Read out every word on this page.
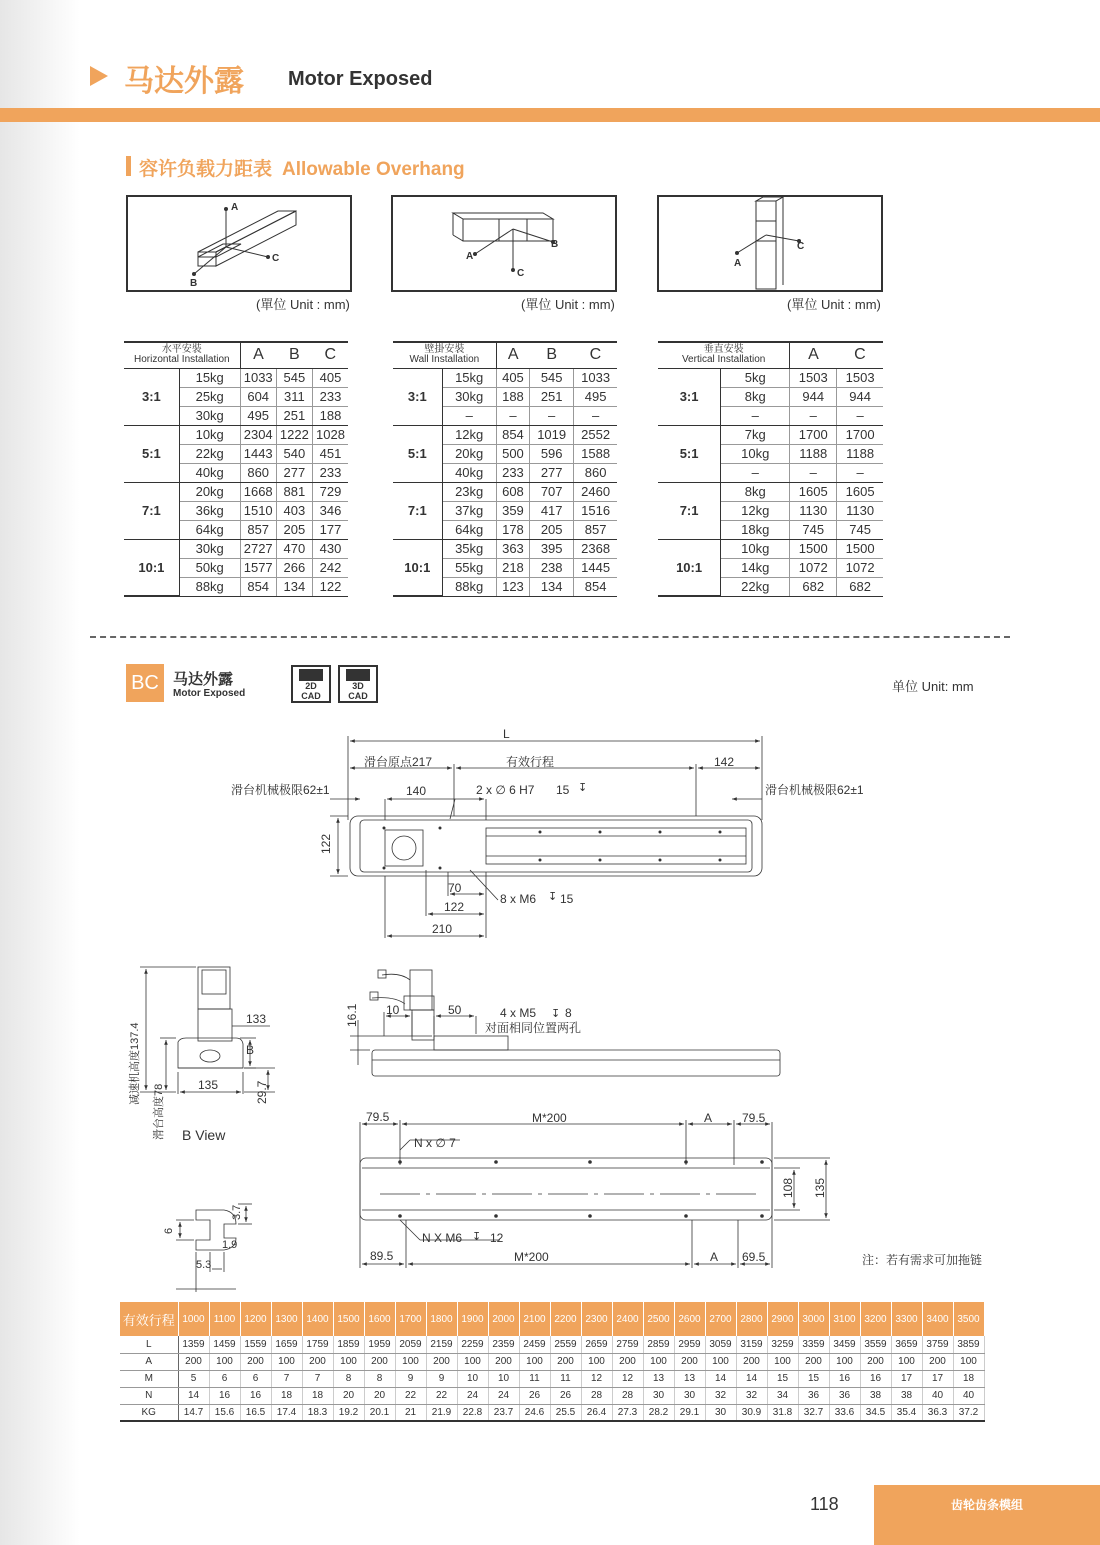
马达外露 Motor Exposed
容许负载力距表 Allowable Overhang
A
C
B
(單位 Unit : mm)
B
A
C
(單位 Unit : mm)
C
A
(單位 Unit : mm)
水平安裝
Horizontal Installation		A	B	C
3:1	15kg	1033	545	405
	25kg	604	311	233
	30kg	495	251	188
5:1	10kg	2304	1222	1028
	22kg	1443	540	451
	40kg	860	277	233
7:1	20kg	1668	881	729
	36kg	1510	403	346
	64kg	857	205	177
10:1	30kg	2727	470	430
	50kg	1577	266	242
	88kg	854	134	122
壁掛安裝
Wall Installation		A	B	C
3:1	15kg	405	545	1033
	30kg	188	251	495
	–	–	–	–
5:1	12kg	854	1019	2552
	20kg	500	596	1588
	40kg	233	277	860
7:1	23kg	608	707	2460
	37kg	359	417	1516
	64kg	178	205	857
10:1	35kg	363	395	2368
	55kg	218	238	1445
	88kg	123	134	854
垂直安裝
Vertical Installation		A	C
3:1	5kg	1503	1503
	8kg	944	944
	–	–	–
5:1	7kg	1700	1700
	10kg	1188	1188
	–	–	–
7:1	8kg	1605	1605
	12kg	1130	1130
	18kg	745	745
10:1	10kg	1500	1500
	14kg	1072	1072
	22kg	682	682
BC 马达外露
Motor Exposed
2D
CAD
3D
CAD
单位 Unit: mm
L
滑台原点217	有效行程	142
滑台机械极限62±1	滑台机械极限62±1
140	2 x ∅ 6 H7 15
122
70
122
210
8 x M6 15
133
B
135	29.7
减速机高度137.4
滑台高度78 B View
16.1 10	50	4 x M5 8
对面相同位置两孔
79.5	M*200	A 79.5
N x ∅ 7
108 135
N X M6 12
89.5	M*200	A 69.5
6
3.7
1.9
5.3
↧
↧
↧
↧
注：若有需求可加拖链
有效行程	1000	1100	1200	1300	1400	1500	1600	1700	1800	1900	2000	2100	2200	2300	2400	2500	2600	2700	2800	2900	3000	3100	3200	3300	3400	3500
L	1359	1459	1559	1659	1759	1859	1959	2059	2159	2259	2359	2459	2559	2659	2759	2859	2959	3059	3159	3259	3359	3459	3559	3659	3759	3859
A	200	100	200	100	200	100	200	100	200	100	200	100	200	100	200	100	200	100	200	100	200	100	200	100	200	100
M	5	6	6	7	7	8	8	9	9	10	10	11	11	12	12	13	13	14	14	15	15	16	16	17	17	18
N	14	16	16	18	18	20	20	22	22	24	24	26	26	28	28	30	30	32	32	34	36	36	38	38	40	40
KG	14.7	15.6	16.5	17.4	18.3	19.2	20.1	21	21.9	22.8	23.7	24.6	25.5	26.4	27.3	28.2	29.1	30	30.9	31.8	32.7	33.6	34.5	35.4	36.3	37.2
118	齿轮齿条模组
